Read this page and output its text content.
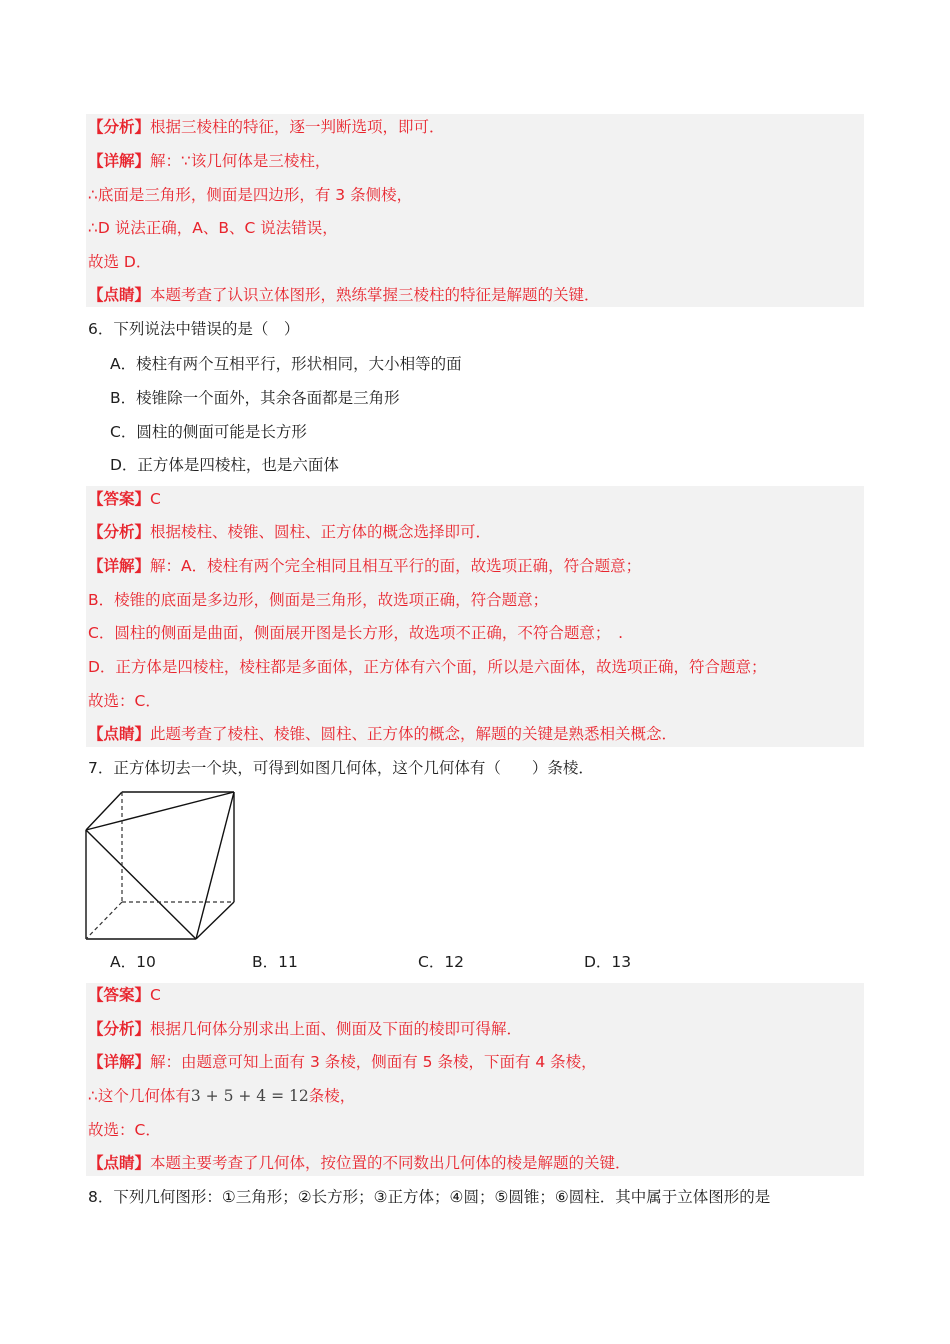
【分析】根据三棱柱的特征，逐一判断选项，即可．
【详解】解：∵该几何体是三棱柱，
∴底面是三角形，侧面是四边形，有 3 条侧棱，
∴D 说法正确，A、B、C 说法错误，
故选 D．
【点睛】本题考查了认识立体图形，熟练掌握三棱柱的特征是解题的关键．
6．下列说法中错误的是（　）
A．棱柱有两个互相平行，形状相同，大小相等的面
B．棱锥除一个面外，其余各面都是三角形
C．圆柱的侧面可能是长方形
D．正方体是四棱柱，也是六面体
【答案】C
【分析】根据棱柱、棱锥、圆柱、正方体的概念选择即可．
【详解】解：A．棱柱有两个完全相同且相互平行的面，故选项正确，符合题意；
B．棱锥的底面是多边形，侧面是三角形，故选项正确，符合题意；
C．圆柱的侧面是曲面，侧面展开图是长方形，故选项不正确，不符合题意；　.
D．正方体是四棱柱，棱柱都是多面体，正方体有六个面，所以是六面体，故选项正确，符合题意；
故选：C．
【点睛】此题考查了棱柱、棱锥、圆柱、正方体的概念，解题的关键是熟悉相关概念．
7．正方体切去一个块，可得到如图几何体，这个几何体有（　　）条棱．
A．10	B．11	C．12	D．13
【答案】C
【分析】根据几何体分别求出上面、侧面及下面的棱即可得解．
【详解】解：由题意可知上面有 3 条棱，侧面有 5 条棱，下面有 4 条棱，
∴这个几何体有3 + 5 + 4 = 12条棱，
故选：C．
【点睛】本题主要考查了几何体，按位置的不同数出几何体的棱是解题的关键．
8．下列几何图形：①三角形；②长方形；③正方体；④圆；⑤圆锥；⑥圆柱．其中属于立体图形的是
